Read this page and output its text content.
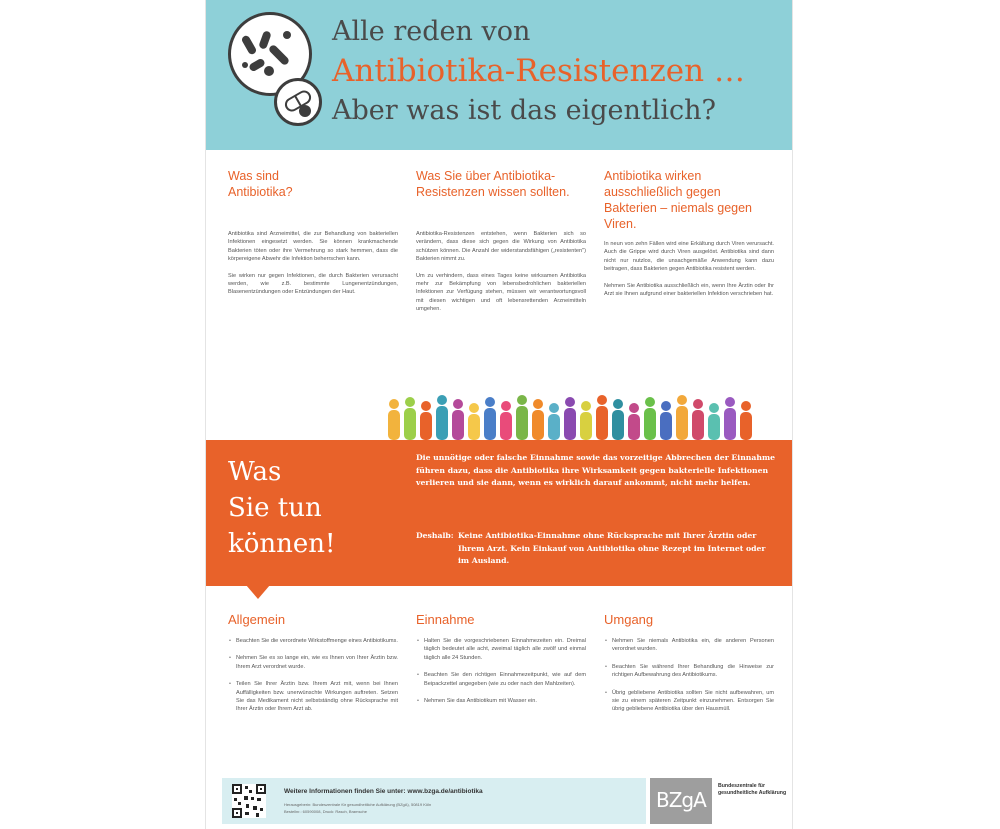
Alle reden von
Antibiotika-Resistenzen …
Aber was ist das eigentlich?
Was sind Antibiotika?

Antibiotika sind Arzneimittel, die zur Behandlung von bakteriellen Infektionen eingesetzt werden. Sie können krankmachende Bakterien töten oder ihre Vermehrung so stark hemmen, dass die körpereigene Abwehr die Infektion beherrschen kann.

Sie wirken nur gegen Infektionen, die durch Bakterien verursacht werden, wie z.B. bestimmte Lungenentzündungen, Blasenentzündungen oder Entzündungen der Haut.

Was Sie über Antibiotika-Resistenzen wissen sollten.

Antibiotika-Resistenzen entstehen, wenn Bakterien sich so verändern, dass diese sich gegen die Wirkung von Antibiotika schützen können. Die Anzahl der widerstandsfähigen („resistenten") Bakterien nimmt zu.

Um zu verhindern, dass eines Tages keine wirksamen Antibiotika mehr zur Bekämpfung von lebensbedrohlichen bakteriellen Infektionen zur Verfügung stehen, müssen wir verantwortungsvoll mit diesen wichtigen und oft lebensrettenden Arzneimitteln umgehen.

Antibiotika wirken ausschließlich gegen Bakterien – niemals gegen Viren.

In neun von zehn Fällen wird eine Erkältung durch Viren verursacht. Auch die Grippe wird durch Viren ausgelöst. Antibiotika sind dann nicht nur nutzlos, die unsachgemäße Anwendung kann dazu beitragen, dass Bakterien gegen Antibiotika resistent werden.

Nehmen Sie Antibiotika ausschließlich ein, wenn Ihre Ärztin oder Ihr Arzt sie Ihnen aufgrund einer bakteriellen Infektion verschrieben hat.

Was
Sie tun
können!
Die unnötige oder falsche Einnahme sowie das vorzeitige Abbrechen der Einnahme führen dazu, dass die Antibiotika ihre Wirksamkeit gegen bakterielle Infektionen verlieren und sie dann, wenn es wirklich darauf ankommt, nicht mehr helfen.
Deshalb: Keine Antibiotika-Einnahme ohne Rücksprache mit Ihrer Ärztin oder Ihrem Arzt. Kein Einkauf von Antibiotika ohne Rezept im Internet oder im Ausland.
Allgemein
• Beachten Sie die verordnete Wirkstoffmenge eines Antibiotikums.
• Nehmen Sie es so lange ein, wie es Ihnen von Ihrer Ärztin bzw. Ihrem Arzt verordnet wurde.
• Teilen Sie Ihrer Ärztin bzw. Ihrem Arzt mit, wenn bei Ihnen Auffälligkeiten bzw. unerwünschte Wirkungen auftreten. Setzen Sie das Medikament nicht selbstständig ohne Rücksprache mit Ihrer Ärztin oder Ihrem Arzt ab.
Einnahme
• Halten Sie die vorgeschriebenen Einnahmezeiten ein. Dreimal täglich bedeutet alle acht, zweimal täglich alle zwölf und einmal täglich alle 24 Stunden.
• Beachten Sie den richtigen Einnahmezeitpunkt, wie auf dem Beipackzettel angegeben (wie zu oder nach den Mahlzeiten).
• Nehmen Sie das Antibiotikum mit Wasser ein.
Umgang
• Nehmen Sie niemals Antibiotika ein, die anderen Personen verordnet wurden.
• Beachten Sie während Ihrer Behandlung die Hinweise zur richtigen Aufbewahrung des Antibiotikums.
• Übrig gebliebene Antibiotika sollten Sie nicht aufbewahren, um sie zu einem späteren Zeitpunkt einzunehmen. Entsorgen Sie übrig gebliebene Antibiotika über den Hausmüll.
Weitere Informationen finden Sie unter: www.bzga.de/antibiotika
Herausgeberin: Bundeszentrale für gesundheitliche Aufklärung (BZgA), 50819 Köln
Bestellnr.: 60590008, Druck: Rasch, Bramsche	BZgA
Bundeszentrale für gesundheitliche Aufklärung
